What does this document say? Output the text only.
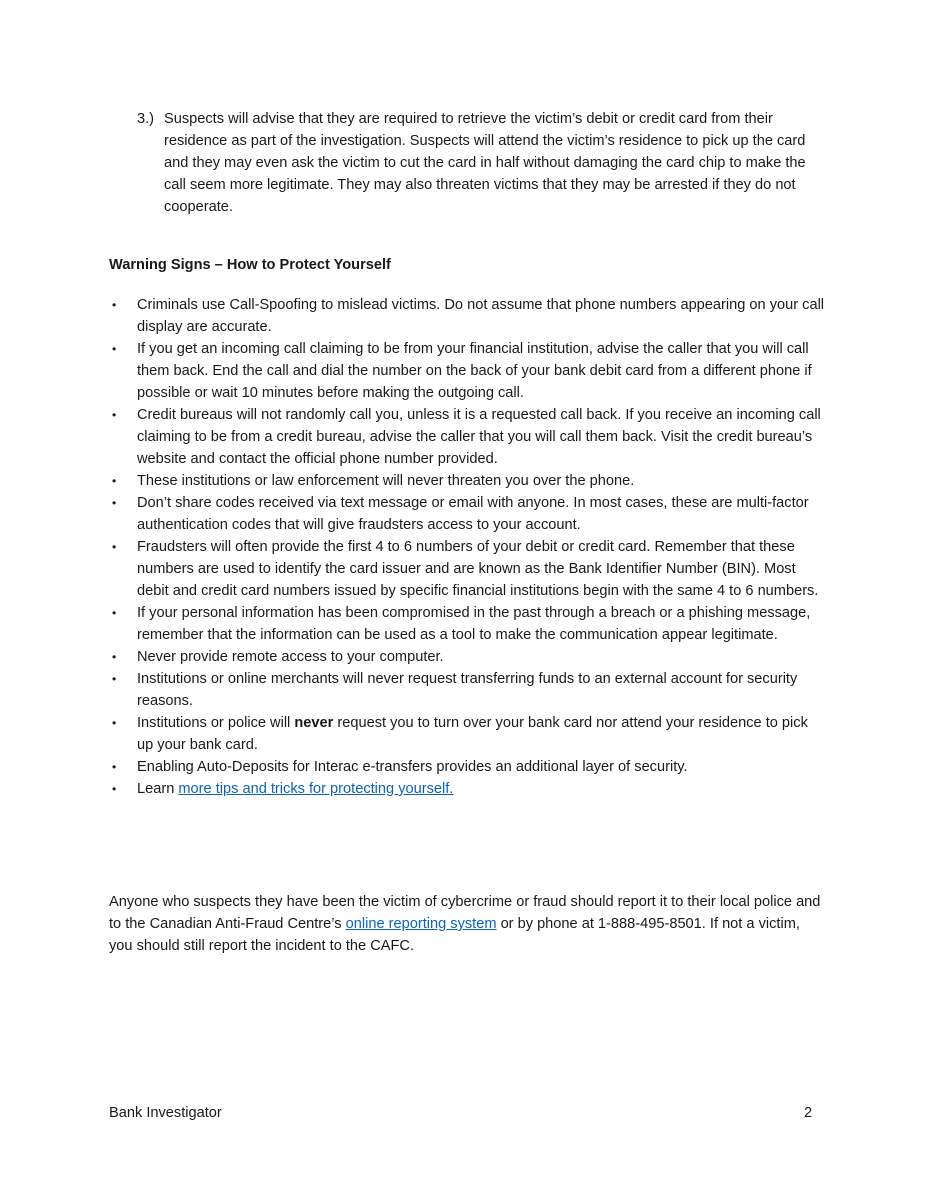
3.) Suspects will advise that they are required to retrieve the victim’s debit or credit card from their residence as part of the investigation. Suspects will attend the victim’s residence to pick up the card and they may even ask the victim to cut the card in half without damaging the card chip to make the call seem more legitimate. They may also threaten victims that they may be arrested if they do not cooperate.
Warning Signs – How to Protect Yourself
• Criminals use Call-Spoofing to mislead victims. Do not assume that phone numbers appearing on your call display are accurate.
• If you get an incoming call claiming to be from your financial institution, advise the caller that you will call them back. End the call and dial the number on the back of your bank debit card from a different phone if possible or wait 10 minutes before making the outgoing call.
• Credit bureaus will not randomly call you, unless it is a requested call back. If you receive an incoming call claiming to be from a credit bureau, advise the caller that you will call them back. Visit the credit bureau’s website and contact the official phone number provided.
• These institutions or law enforcement will never threaten you over the phone.
• Don’t share codes received via text message or email with anyone. In most cases, these are multi-factor authentication codes that will give fraudsters access to your account.
• Fraudsters will often provide the first 4 to 6 numbers of your debit or credit card. Remember that these numbers are used to identify the card issuer and are known as the Bank Identifier Number (BIN). Most debit and credit card numbers issued by specific financial institutions begin with the same 4 to 6 numbers.
• If your personal information has been compromised in the past through a breach or a phishing message, remember that the information can be used as a tool to make the communication appear legitimate.
• Never provide remote access to your computer.
• Institutions or online merchants will never request transferring funds to an external account for security reasons.
• Institutions or police will never request you to turn over your bank card nor attend your residence to pick up your bank card.
• Enabling Auto-Deposits for Interac e-transfers provides an additional layer of security.
• Learn more tips and tricks for protecting yourself.
Anyone who suspects they have been the victim of cybercrime or fraud should report it to their local police and to the Canadian Anti-Fraud Centre’s online reporting system or by phone at 1-888-495-8501. If not a victim, you should still report the incident to the CAFC.
Bank Investigator	2
